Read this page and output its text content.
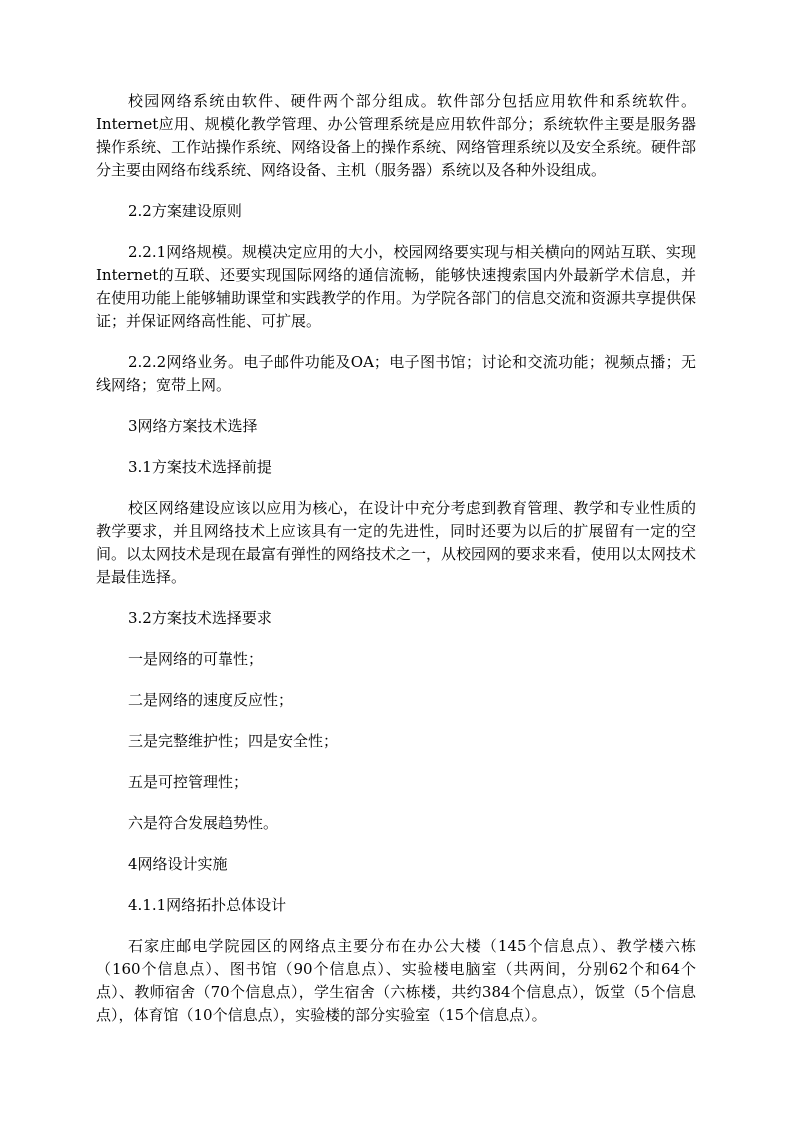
校园网络系统由软件、硬件两个部分组成。软件部分包括应用软件和系统软件。Internet应用、规模化教学管理、办公管理系统是应用软件部分；系统软件主要是服务器操作系统、工作站操作系统、网络设备上的操作系统、网络管理系统以及安全系统。硬件部分主要由网络布线系统、网络设备、主机（服务器）系统以及各种外设组成。

2.2方案建设原则

2.2.1网络规模。规模决定应用的大小，校园网络要实现与相关横向的网站互联、实现Internet的互联、还要实现国际网络的通信流畅，能够快速搜索国内外最新学术信息，并在使用功能上能够辅助课堂和实践教学的作用。为学院各部门的信息交流和资源共享提供保证；并保证网络高性能、可扩展。

2.2.2网络业务。电子邮件功能及OA；电子图书馆；讨论和交流功能；视频点播；无线网络；宽带上网。

3网络方案技术选择

3.1方案技术选择前提

校区网络建设应该以应用为核心，在设计中充分考虑到教育管理、教学和专业性质的教学要求，并且网络技术上应该具有一定的先进性，同时还要为以后的扩展留有一定的空间。以太网技术是现在最富有弹性的网络技术之一，从校园网的要求来看，使用以太网技术是最佳选择。

3.2方案技术选择要求

一是网络的可靠性；

二是网络的速度反应性；

三是完整维护性；四是安全性；

五是可控管理性；

六是符合发展趋势性。

4网络设计实施

4.1.1网络拓扑总体设计

石家庄邮电学院园区的网络点主要分布在办公大楼（145个信息点）、教学楼六栋（160个信息点）、图书馆（90个信息点）、实验楼电脑室（共两间，分别62个和64个点）、教师宿舍（70个信息点），学生宿舍（六栋楼，共约384个信息点），饭堂（5个信息点），体育馆（10个信息点），实验楼的部分实验室（15个信息点）。
